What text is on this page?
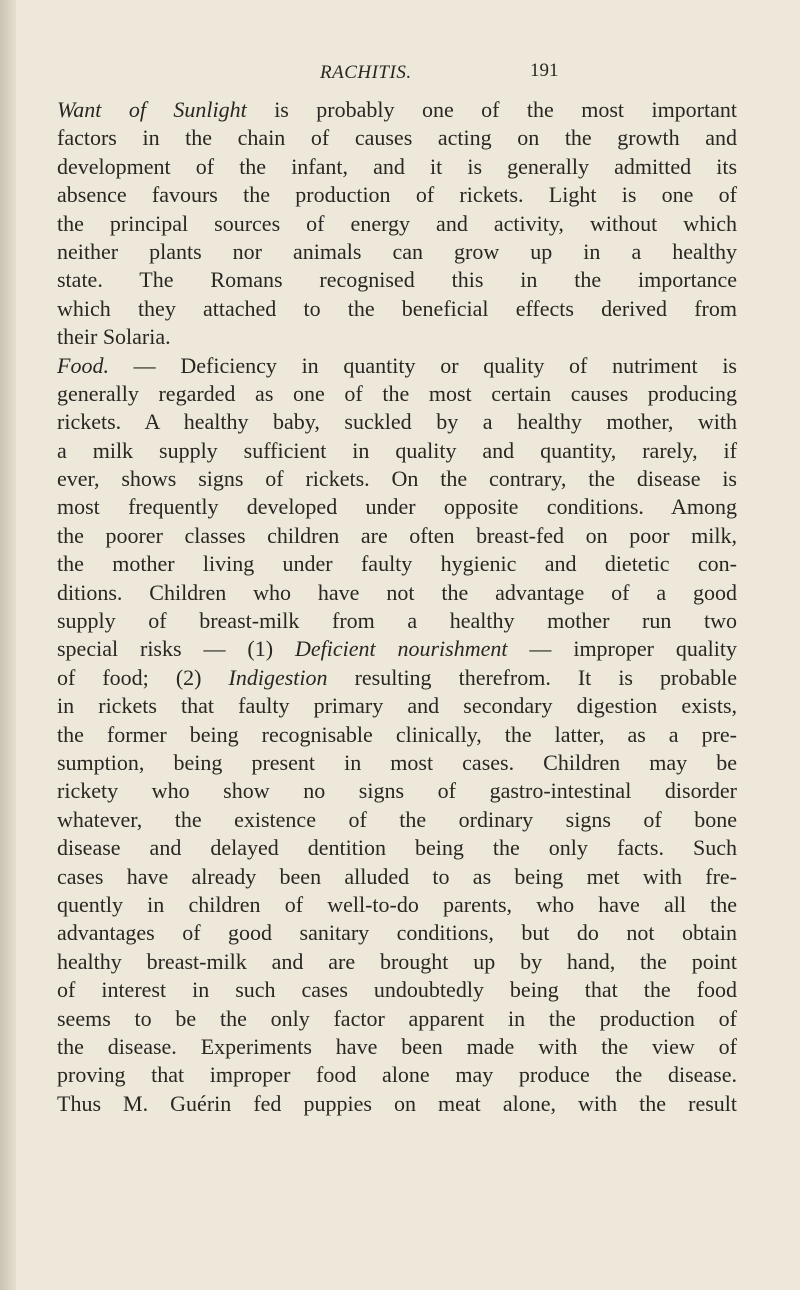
RACHITIS.	191
Want of Sunlight is probably one of the most important
factors in the chain of causes acting on the growth and
development of the infant, and it is generally admitted its
absence favours the production of rickets. Light is one of
the principal sources of energy and activity, without which
neither plants nor animals can grow up in a healthy
state. The Romans recognised this in the importance
which they attached to the beneficial effects derived from
their Solaria.
Food. — Deficiency in quantity or quality of nutriment is
generally regarded as one of the most certain causes producing
rickets. A healthy baby, suckled by a healthy mother, with
a milk supply sufficient in quality and quantity, rarely, if
ever, shows signs of rickets. On the contrary, the disease is
most frequently developed under opposite conditions. Among
the poorer classes children are often breast-fed on poor milk,
the mother living under faulty hygienic and dietetic con-
ditions. Children who have not the advantage of a good
supply of breast-milk from a healthy mother run two
special risks — (1) Deficient nourishment — improper quality
of food; (2) Indigestion resulting therefrom. It is probable
in rickets that faulty primary and secondary digestion exists,
the former being recognisable clinically, the latter, as a pre-
sumption, being present in most cases. Children may be
rickety who show no signs of gastro-intestinal disorder
whatever, the existence of the ordinary signs of bone
disease and delayed dentition being the only facts. Such
cases have already been alluded to as being met with fre-
quently in children of well-to-do parents, who have all the
advantages of good sanitary conditions, but do not obtain
healthy breast-milk and are brought up by hand, the point
of interest in such cases undoubtedly being that the food
seems to be the only factor apparent in the production of
the disease. Experiments have been made with the view of
proving that improper food alone may produce the disease.
Thus M. Guérin fed puppies on meat alone, with the result
